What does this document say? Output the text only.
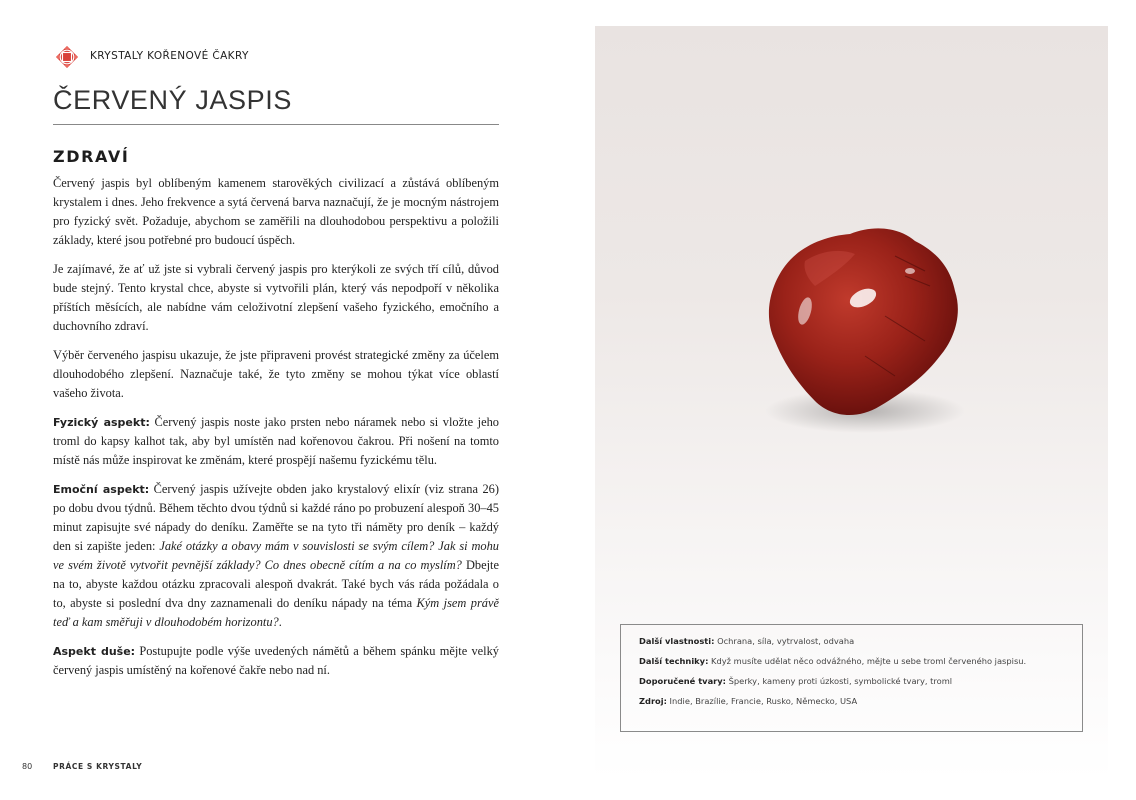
KRYSTALY KOŘENOVÉ ČAKRY
ČERVENÝ JASPIS
ZDRAVÍ

Červený jaspis byl oblíbeným kamenem starověkých civilizací a zůstává oblíbeným krystalem i dnes. Jeho frekvence a sytá červená barva naznačují, že je mocným nástrojem pro fyzický svět. Požaduje, abychom se zaměřili na dlouhodobou perspektivu a položili základy, které jsou potřebné pro budoucí úspěch.

Je zajímavé, že ať už jste si vybrali červený jaspis pro kterýkoli ze svých tří cílů, důvod bude stejný. Tento krystal chce, abyste si vytvořili plán, který vás nepodpoří v několika příštích měsících, ale nabídne vám celoživotní zlepšení vašeho fyzického, emočního a duchovního zdraví.

Výběr červeného jaspisu ukazuje, že jste připraveni provést strategické změny za účelem dlouhodobého zlepšení. Naznačuje také, že tyto změny se mohou týkat více oblastí vašeho života.

Fyzický aspekt: Červený jaspis noste jako prsten nebo náramek nebo si vložte jeho troml do kapsy kalhot tak, aby byl umístěn nad kořenovou čakrou. Při nošení na tomto místě nás může inspirovat ke změnám, které prospějí našemu fyzickému tělu.

Emoční aspekt: Červený jaspis užívejte obden jako krystalový elixír (viz strana 26) po dobu dvou týdnů. Během těchto dvou týdnů si každé ráno po probuzení alespoň 30–45 minut zapisujte své nápady do deníku. Zaměřte se na tyto tři náměty pro deník – každý den si zapište jeden: Jaké otázky a obavy mám v souvislosti se svým cílem? Jak si mohu ve svém životě vytvořit pevnější základy? Co dnes obecně cítím a na co myslím? Dbejte na to, abyste každou otázku zpracovali alespoň dvakrát. Také bych vás ráda požádala o to, abyste si poslední dva dny zaznamenali do deníku nápady na téma Kým jsem právě teď a kam směřuji v dlouhodobém horizontu?.

Aspekt duše: Postupujte podle výše uvedených námětů a během spánku mějte velký červený jaspis umístěný na kořenové čakře nebo nad ní.

80	PRÁCE S KRYSTALY
Další vlastnosti: Ochrana, síla, vytrvalost, odvaha
Další techniky: Když musíte udělat něco odvážného, mějte u sebe troml červeného jaspisu.
Doporučené tvary: Šperky, kameny proti úzkosti, symbolické tvary, troml
Zdroj: Indie, Brazílie, Francie, Rusko, Německo, USA
